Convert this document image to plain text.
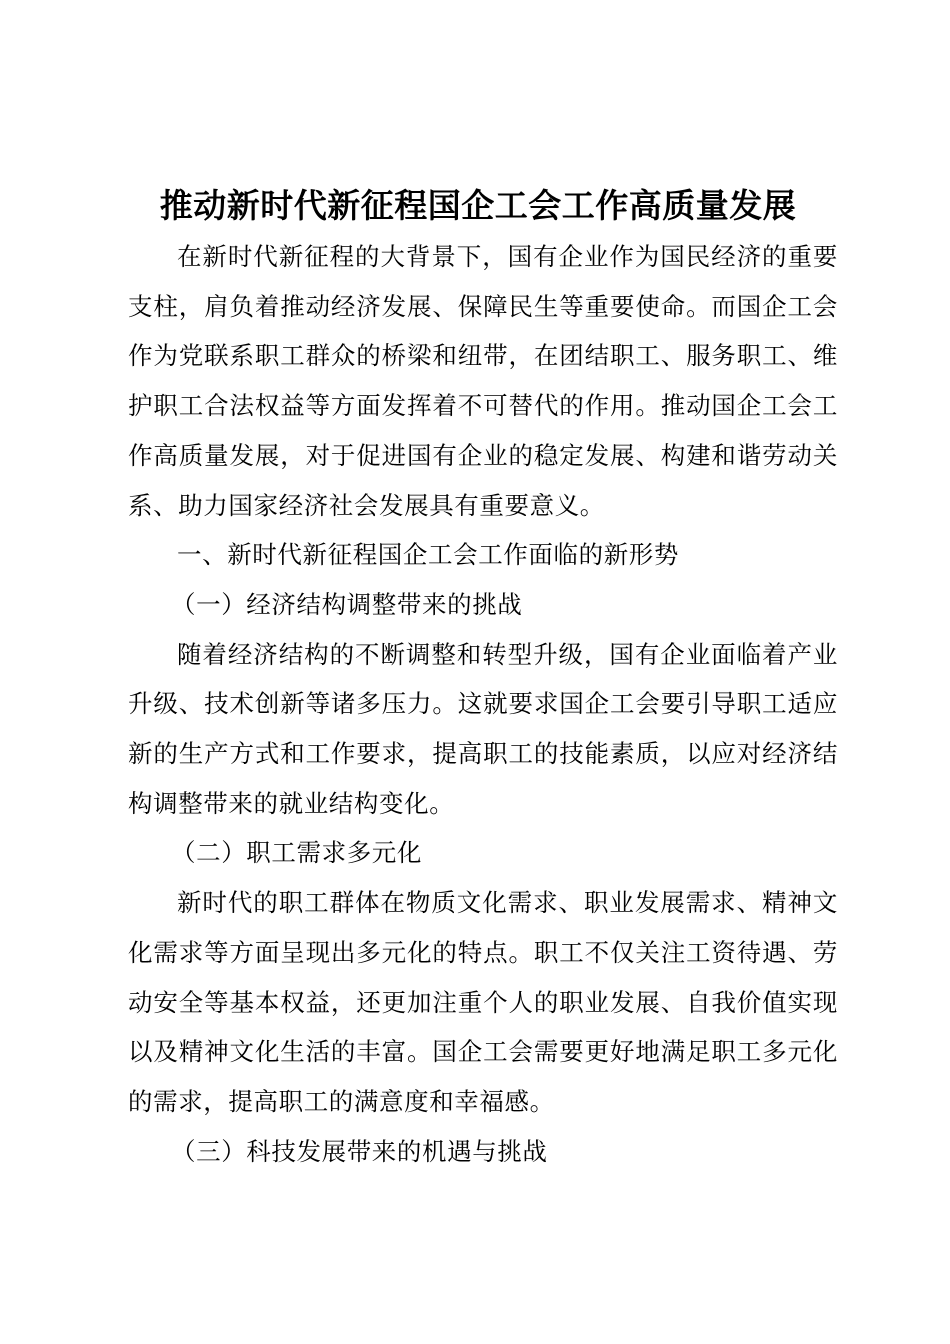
推动新时代新征程国企工会工作高质量发展

在新时代新征程的大背景下，国有企业作为国民经济的重要支柱，肩负着推动经济发展、保障民生等重要使命。而国企工会作为党联系职工群众的桥梁和纽带，在团结职工、服务职工、维护职工合法权益等方面发挥着不可替代的作用。推动国企工会工作高质量发展，对于促进国有企业的稳定发展、构建和谐劳动关系、助力国家经济社会发展具有重要意义。

一、新时代新征程国企工会工作面临的新形势

（一）经济结构调整带来的挑战

随着经济结构的不断调整和转型升级，国有企业面临着产业升级、技术创新等诸多压力。这就要求国企工会要引导职工适应新的生产方式和工作要求，提高职工的技能素质，以应对经济结构调整带来的就业结构变化。

（二）职工需求多元化

新时代的职工群体在物质文化需求、职业发展需求、精神文化需求等方面呈现出多元化的特点。职工不仅关注工资待遇、劳动安全等基本权益，还更加注重个人的职业发展、自我价值实现以及精神文化生活的丰富。国企工会需要更好地满足职工多元化的需求，提高职工的满意度和幸福感。

（三）科技发展带来的机遇与挑战
